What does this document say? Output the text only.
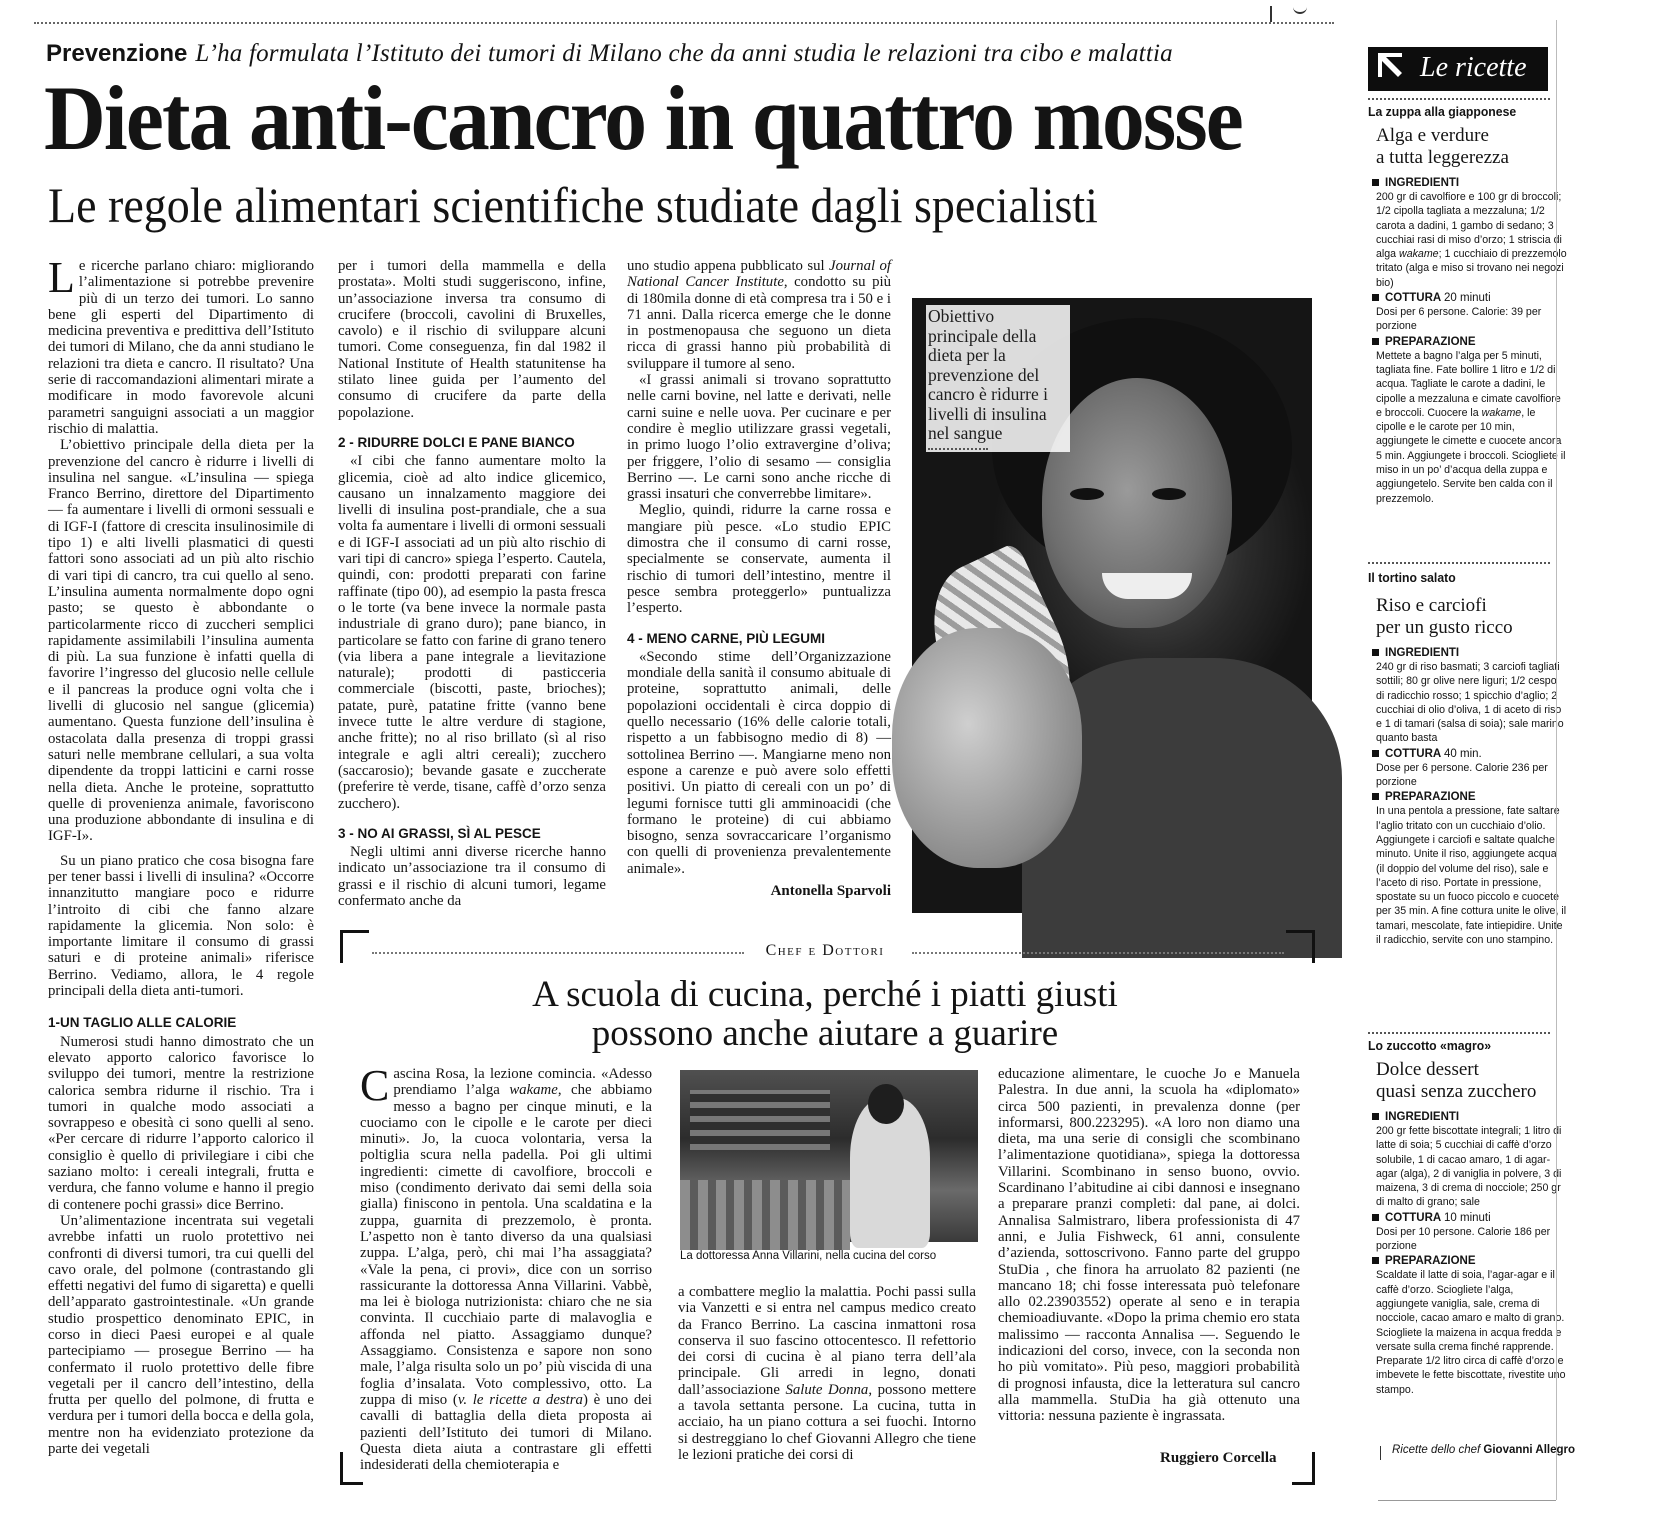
Prevenzione L’ha formulata l’Istituto dei tumori di Milano che da anni studia le relazioni tra cibo e malattia
Dieta anti-cancro in quattro mosse
Le regole alimentari scientifiche studiate dagli specialisti
L e ricerche parlano chiaro: migliorando l’alimentazione si potrebbe prevenire più di un terzo dei tumori. Lo sanno bene gli esperti del Dipartimento di medicina preventiva e predittiva dell’Istituto dei tumori di Milano, che da anni studiano le relazioni tra dieta e cancro. Il risultato? Una serie di raccomandazioni alimentari mirate a modificare in modo favorevole alcuni parametri sanguigni associati a un maggior rischio di malattia.

L’obiettivo principale della dieta per la prevenzione del cancro è ridurre i livelli di insulina nel sangue. «L’insulina — spiega Franco Berrino, direttore del Dipartimento — fa aumentare i livelli di ormoni sessuali e di IGF-I (fattore di crescita insulinosimile di tipo 1) e alti livelli plasmatici di questi fattori sono associati ad un più alto rischio di vari tipi di cancro, tra cui quello al seno. L’insulina aumenta normalmente dopo ogni pasto; se questo è abbondante o particolarmente ricco di zuccheri semplici rapidamente assimilabili l’insulina aumenta di più. La sua funzione è infatti quella di favorire l’ingresso del glucosio nelle cellule e il pancreas la produce ogni volta che i livelli di glucosio nel sangue (glicemia) aumentano. Questa funzione dell’insulina è ostacolata dalla presenza di troppi grassi saturi nelle membrane cellulari, a sua volta dipendente da troppi latticini e carni rosse nella dieta. Anche le proteine, soprattutto quelle di provenienza animale, favoriscono una produzione abbondante di insulina e di IGF-I».

Su un piano pratico che cosa bisogna fare per tener bassi i livelli di insulina? «Occorre innanzitutto mangiare poco e ridurre l’introito di cibi che fanno alzare rapidamente la glicemia. Non solo: è importante limitare il consumo di grassi saturi e di proteine animali» riferisce Berrino. Vediamo, allora, le 4 regole principali della dieta anti-tumori.

1-UN TAGLIO ALLE CALORIE

Numerosi studi hanno dimostrato che un elevato apporto calorico favorisce lo sviluppo dei tumori, mentre la restrizione calorica sembra ridurne il rischio. Tra i tumori in qualche modo associati a sovrappeso e obesità ci sono quelli al seno. «Per cercare di ridurre l’apporto calorico il consiglio è quello di privilegiare i cibi che saziano molto: i cereali integrali, frutta e verdura, che fanno volume e hanno il pregio di contenere pochi grassi» dice Berrino.

Un’alimentazione incentrata sui vegetali avrebbe infatti un ruolo protettivo nei confronti di diversi tumori, tra cui quelli del cavo orale, del polmone (contrastando gli effetti negativi del fumo di sigaretta) e quelli dell’apparato gastrointestinale. «Un grande studio prospettico denominato EPIC, in corso in dieci Paesi europei e al quale partecipiamo — prosegue Berrino — ha confermato il ruolo protettivo delle fibre vegetali per il cancro dell’intestino, della frutta per quello del polmone, di frutta e verdura per i tumori della bocca e della gola, mentre non ha evidenziato protezione da parte dei vegetali

per i tumori della mammella e della prostata». Molti studi suggeriscono, infine, un’associazione inversa tra consumo di crucifere (broccoli, cavolini di Bruxelles, cavolo) e il rischio di sviluppare alcuni tumori. Come conseguenza, fin dal 1982 il National Institute of Health statunitense ha stilato linee guida per l’aumento del consumo di crucifere da parte della popolazione.

2 - RIDURRE DOLCI E PANE BIANCO

«I cibi che fanno aumentare molto la glicemia, cioè ad alto indice glicemico, causano un innalzamento maggiore dei livelli di insulina post-prandiale, che a sua volta fa aumentare i livelli di ormoni sessuali e di IGF-I associati ad un più alto rischio di vari tipi di cancro» spiega l’esperto. Cautela, quindi, con: prodotti preparati con farine raffinate (tipo 00), ad esempio la pasta fresca o le torte (va bene invece la normale pasta industriale di grano duro); pane bianco, in particolare se fatto con farine di grano tenero (via libera a pane integrale a lievitazione naturale); prodotti di pasticceria commerciale (biscotti, paste, brioches); patate, purè, patatine fritte (vanno bene invece tutte le altre verdure di stagione, anche fritte); no al riso brillato (sì al riso integrale e agli altri cereali); zucchero (saccarosio); bevande gasate e zuccherate (preferire tè verde, tisane, caffè d’orzo senza zucchero).

3 - NO AI GRASSI, SÌ AL PESCE

Negli ultimi anni diverse ricerche hanno indicato un’associazione tra il consumo di grassi e il rischio di alcuni tumori, legame confermato anche da

uno studio appena pubblicato sul Journal of National Cancer Institute, condotto su più di 180mila donne di età compresa tra i 50 e i 71 anni. Dalla ricerca emerge che le donne in postmenopausa che seguono un dieta ricca di grassi hanno più probabilità di sviluppare il tumore al seno.

«I grassi animali si trovano soprattutto nelle carni bovine, nel latte e derivati, nelle carni suine e nelle uova. Per cucinare e per condire è meglio utilizzare grassi vegetali, in primo luogo l’olio extravergine d’oliva; per friggere, l’olio di sesamo — consiglia Berrino —. Le carni sono anche ricche di grassi insaturi che converrebbe limitare».

Meglio, quindi, ridurre la carne rossa e mangiare più pesce. «Lo studio EPIC dimostra che il consumo di carni rosse, specialmente se conservate, aumenta il rischio di tumori dell’intestino, mentre il pesce sembra proteggerlo» puntualizza l’esperto.

4 - MENO CARNE, PIÙ LEGUMI

«Secondo stime dell’Organizzazione mondiale della sanità il consumo abituale di proteine, soprattutto animali, delle popolazioni occidentali è circa doppio di quello necessario (16% delle calorie totali, rispetto a un fabbisogno medio di 8) — sottolinea Berrino —. Mangiarne meno non espone a carenze e può avere solo effetti positivi. Un piatto di cereali con un po’ di legumi fornisce tutti gli amminoacidi (che formano le proteine) di cui abbiamo bisogno, senza sovraccaricare l’organismo con quelli di provenienza prevalentemente animale».

Antonella Sparvoli
Obiettivo principale della dieta per la prevenzione del cancro è ridurre i livelli di insulina nel sangue
Chef e Dottori
A scuola di cucina, perché i piatti giusti
possono anche aiutare a guarire
C ascina Rosa, la lezione comincia. «Adesso prendiamo l’alga wakame, che abbiamo messo a bagno per cinque minuti, e la cuociamo con le cipolle e le carote per dieci minuti». Jo, la cuoca volontaria, versa la poltiglia scura nella padella. Poi gli ultimi ingredienti: cimette di cavolfiore, broccoli e miso (condimento derivato dai semi della soia gialla) finiscono in pentola. Una scaldatina e la zuppa, guarnita di prezzemolo, è pronta. L’aspetto non è tanto diverso da una qualsiasi zuppa. L’alga, però, chi mai l’ha assaggiata? «Vale la pena, ci provi», dice con un sorriso rassicurante la dottoressa Anna Villarini. Vabbè, ma lei è biologa nutrizionista: chiaro che ne sia convinta. Il cucchiaio parte di malavoglia e affonda nel piatto. Assaggiamo dunque? Assaggiamo. Consistenza e sapore non sono male, l’alga risulta solo un po’ più viscida di una foglia d’insalata. Voto complessivo, otto. La zuppa di miso (v. le ricette a destra) è uno dei cavalli di battaglia della dieta proposta ai pazienti dell’Istituto dei tumori di Milano. Questa dieta aiuta a contrastare gli effetti indesiderati della chemioterapia e

La dottoressa Anna Villarini, nella cucina del corso

a combattere meglio la malattia. Pochi passi sulla via Vanzetti e si entra nel campus medico creato da Franco Berrino. La cascina inmattoni rosa conserva il suo fascino ottocentesco. Il refettorio dei corsi di cucina è al piano terra dell’ala principale. Gli arredi in legno, donati dall’associazione Salute Donna, possono mettere a tavola settanta persone. La cucina, tutta in acciaio, ha un piano cottura a sei fuochi. Intorno si destreggiano lo chef Giovanni Allegro che tiene le lezioni pratiche dei corsi di

educazione alimentare, le cuoche Jo e Manuela Palestra. In due anni, la scuola ha «diplomato» circa 500 pazienti, in prevalenza donne (per informarsi, 800.223295). «A loro non diamo una dieta, ma una serie di consigli che scombinano l’alimentazione quotidiana», spiega la dottoressa Villarini. Scombinano in senso buono, ovvio. Scardinano l’abitudine ai cibi dannosi e insegnano a preparare pranzi completi: dal pane, ai dolci. Annalisa Salmistraro, libera professionista di 47 anni, e Julia Fishweck, 61 anni, consulente d’azienda, sottoscrivono. Fanno parte del gruppo StuDia , che finora ha arruolato 82 pazienti (ne mancano 18; chi fosse interessata può telefonare allo 02.23903552) operate al seno e in terapia chemioadiuvante. «Dopo la prima chemio ero stata malissimo — racconta Annalisa —. Seguendo le indicazioni del corso, invece, con la seconda non ho più vomitato». Più peso, maggiori probabilità di prognosi infausta, dice la letteratura sul cancro alla mammella. StuDia ha già ottenuto una vittoria: nessuna paziente è ingrassata.

Ruggiero Corcella
Le ricette

La zuppa alla giapponese

Alga e verdure
a tutta leggerezza
INGREDIENTI
200 gr di cavolfiore e 100 gr di broccoli; 1/2 cipolla tagliata a mezzaluna; 1/2 carota a dadini, 1 gambo di sedano; 3 cucchiai rasi di miso d’orzo; 1 striscia di alga wakame; 1 cucchiaio di prezzemolo tritato (alga e miso si trovano nei negozi bio)
COTTURA 20 minuti
Dosi per 6 persone. Calorie: 39 per porzione
PREPARAZIONE
Mettete a bagno l’alga per 5 minuti, tagliata fine. Fate bollire 1 litro e 1/2 di acqua. Tagliate le carote a dadini, le cipolle a mezzaluna e cimate cavolfiore e broccoli. Cuocere la wakame, le cipolle e le carote per 10 min, aggiungete le cimette e cuocete ancora 5 min. Aggiungete i broccoli. Sciogliete il miso in un po’ d’acqua della zuppa e aggiungetelo. Servite ben calda con il prezzemolo.

Il tortino salato

Riso e carciofi
per un gusto ricco
INGREDIENTI
240 gr di riso basmati; 3 carciofi tagliati sottili; 80 gr olive nere liguri; 1/2 cespo di radicchio rosso; 1 spicchio d’aglio; 2 cucchiai di olio d’oliva, 1 di aceto di riso e 1 di tamari (salsa di soia); sale marino quanto basta
COTTURA 40 min.
Dose per 6 persone. Calorie 236 per porzione
PREPARAZIONE
In una pentola a pressione, fate saltare l’aglio tritato con un cucchiaio d’olio. Aggiungete i carciofi e saltate qualche minuto. Unite il riso, aggiungete acqua (il doppio del volume del riso), sale e l’aceto di riso. Portate in pressione, spostate su un fuoco piccolo e cuocete per 35 min. A fine cottura unite le olive, il tamari, mescolate, fate intiepidire. Unite il radicchio, servite con uno stampino.

Lo zuccotto «magro»

Dolce dessert
quasi senza zucchero
INGREDIENTI
200 gr fette biscottate integrali; 1 litro di latte di soia; 5 cucchiai di caffè d’orzo solubile, 1 di cacao amaro, 1 di agar-agar (alga), 2 di vaniglia in polvere, 3 di maizena, 3 di crema di nocciole; 250 gr di malto di grano; sale
COTTURA 10 minuti
Dosi per 10 persone. Calorie 186 per porzione
PREPARAZIONE
Scaldate il latte di soia, l’agar-agar e il caffè d’orzo. Sciogliete l’alga, aggiungete vaniglia, sale, crema di nocciole, cacao amaro e malto di grano. Sciogliete la maizena in acqua fredda e versate sulla crema finché rapprende. Preparate 1/2 litro circa di caffè d’orzo e imbevete le fette biscottate, rivestite uno stampo.
Ricette dello chef Giovanni Allegro
